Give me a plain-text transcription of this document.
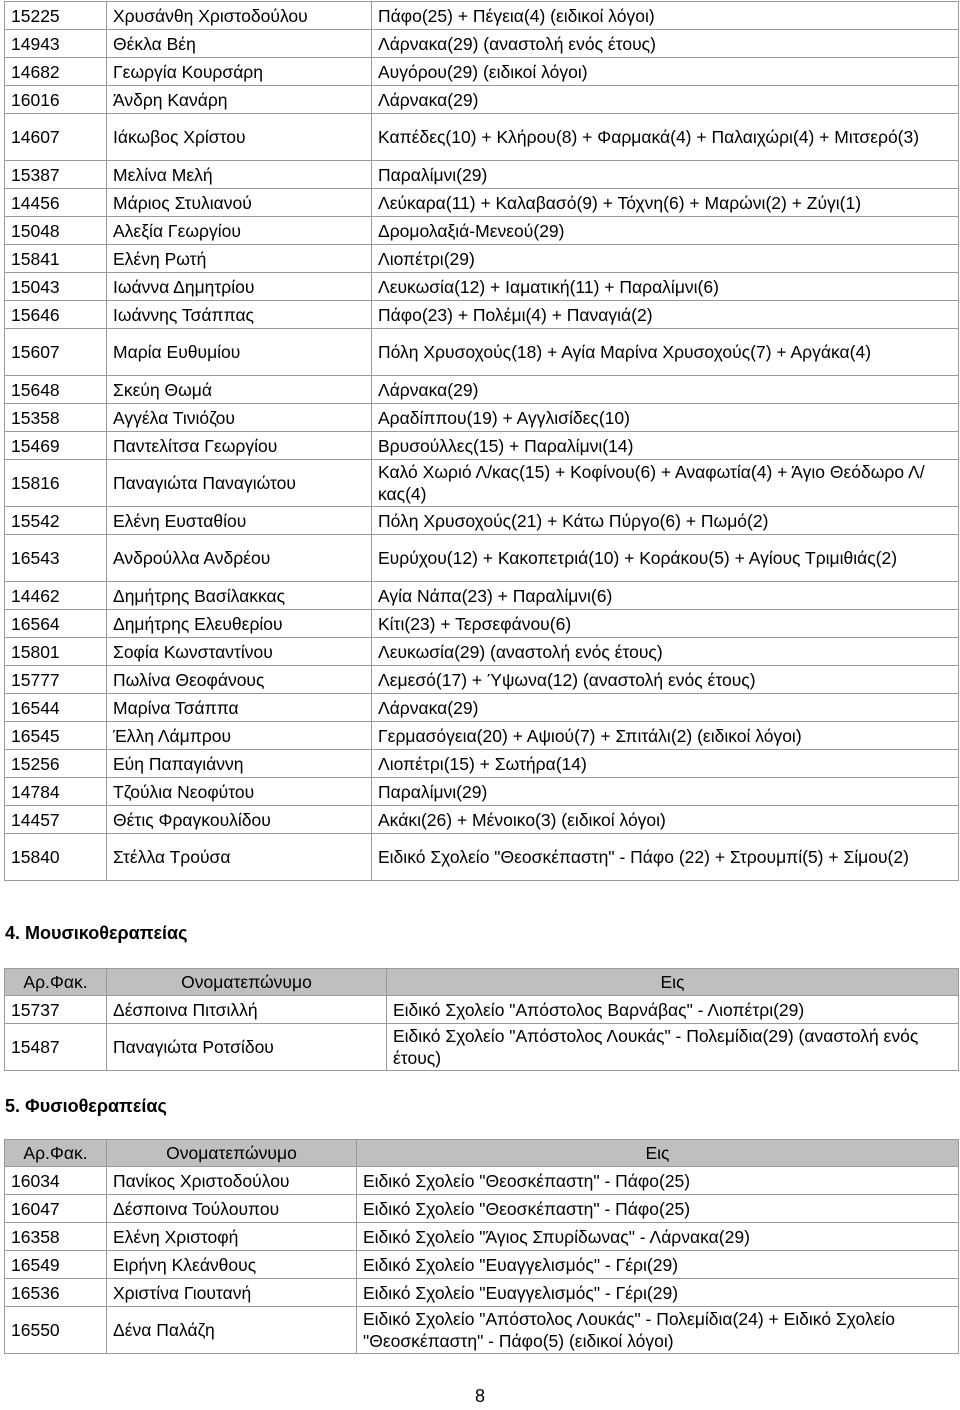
15225	Χρυσάνθη Χριστοδούλου	Πάφο(25) + Πέγεια(4) (ειδικοί λόγοι)
14943	Θέκλα Βέη	Λάρνακα(29) (αναστολή ενός έτους)
14682	Γεωργία Κουρσάρη	Αυγόρου(29) (ειδικοί λόγοι)
16016	Άνδρη Κανάρη	Λάρνακα(29)
14607	Ιάκωβος Χρίστου	Καπέδες(10) + Κλήρου(8) + Φαρμακά(4) + Παλαιχώρι(4) + Μιτσερό(3)
15387	Μελίνα Μελή	Παραλίμνι(29)
14456	Μάριος Στυλιανού	Λεύκαρα(11) + Καλαβασό(9) + Τόχνη(6) + Μαρώνι(2) + Ζύγι(1)
15048	Αλεξία Γεωργίου	Δρομολαξιά-Μενεού(29)
15841	Ελένη Ρωτή	Λιοπέτρι(29)
15043	Ιωάννα Δημητρίου	Λευκωσία(12) + Ιαματική(11) + Παραλίμνι(6)
15646	Ιωάννης Τσάππας	Πάφο(23) + Πολέμι(4) + Παναγιά(2)
15607	Μαρία Ευθυμίου	Πόλη Χρυσοχούς(18) + Αγία Μαρίνα Χρυσοχούς(7) + Αργάκα(4)
15648	Σκεύη Θωμά	Λάρνακα(29)
15358	Αγγέλα Τινιόζου	Αραδίππου(19) + Αγγλισίδες(10)
15469	Παντελίτσα Γεωργίου	Βρυσούλλες(15) + Παραλίμνι(14)
15816	Παναγιώτα Παναγιώτου	Καλό Χωριό Λ/κας(15) + Κοφίνου(6) + Αναφωτία(4) + Άγιο Θεόδωρο Λ/κας(4)
15542	Ελένη Ευσταθίου	Πόλη Χρυσοχούς(21) + Κάτω Πύργο(6) + Πωμό(2)
16543	Ανδρούλλα Ανδρέου	Ευρύχου(12) + Κακοπετριά(10) + Κοράκου(5) + Αγίους Τριμιθιάς(2)
14462	Δημήτρης Βασίλακκας	Αγία Νάπα(23) + Παραλίμνι(6)
16564	Δημήτρης Ελευθερίου	Κίτι(23) + Τερσεφάνου(6)
15801	Σοφία Κωνσταντίνου	Λευκωσία(29) (αναστολή ενός έτους)
15777	Πωλίνα Θεοφάνους	Λεμεσό(17) + Ύψωνα(12) (αναστολή ενός έτους)
16544	Μαρίνα Τσάππα	Λάρνακα(29)
16545	Έλλη Λάμπρου	Γερμασόγεια(20) + Αψιού(7) + Σπιτάλι(2) (ειδικοί λόγοι)
15256	Εύη Παπαγιάννη	Λιοπέτρι(15) + Σωτήρα(14)
14784	Τζούλια Νεοφύτου	Παραλίμνι(29)
14457	Θέτις Φραγκουλίδου	Ακάκι(26) + Μένοικο(3) (ειδικοί λόγοι)
15840	Στέλλα Τρούσα	Ειδικό Σχολείο "Θεοσκέπαστη" - Πάφο (22) + Στρουμπί(5) + Σίμου(2)
4. Μουσικοθεραπείας
Αρ.Φακ.	Ονοματεπώνυμο	Εις
15737	Δέσποινα Πιτσιλλή	Ειδικό Σχολείο "Απόστολος Βαρνάβας" - Λιοπέτρι(29)
15487	Παναγιώτα Ροτσίδου	Ειδικό Σχολείο "Απόστολος Λουκάς" - Πολεμίδια(29) (αναστολή ενός έτους)
5. Φυσιοθεραπείας
Αρ.Φακ.	Ονοματεπώνυμο	Εις
16034	Πανίκος Χριστοδούλου	Ειδικό Σχολείο "Θεοσκέπαστη" - Πάφο(25)
16047	Δέσποινα Τούλουπου	Ειδικό Σχολείο "Θεοσκέπαστη" - Πάφο(25)
16358	Ελένη Χριστοφή	Ειδικό Σχολείο "Άγιος Σπυρίδωνας" - Λάρνακα(29)
16549	Ειρήνη Κλεάνθους	Ειδικό Σχολείο "Ευαγγελισμός" - Γέρι(29)
16536	Χριστίνα Γιουτανή	Ειδικό Σχολείο "Ευαγγελισμός" - Γέρι(29)
16550	Δένα Παλάζη	Ειδικό Σχολείο "Απόστολος Λουκάς" - Πολεμίδια(24) + Ειδικό Σχολείο "Θεοσκέπαστη" - Πάφο(5) (ειδικοί λόγοι)
8
